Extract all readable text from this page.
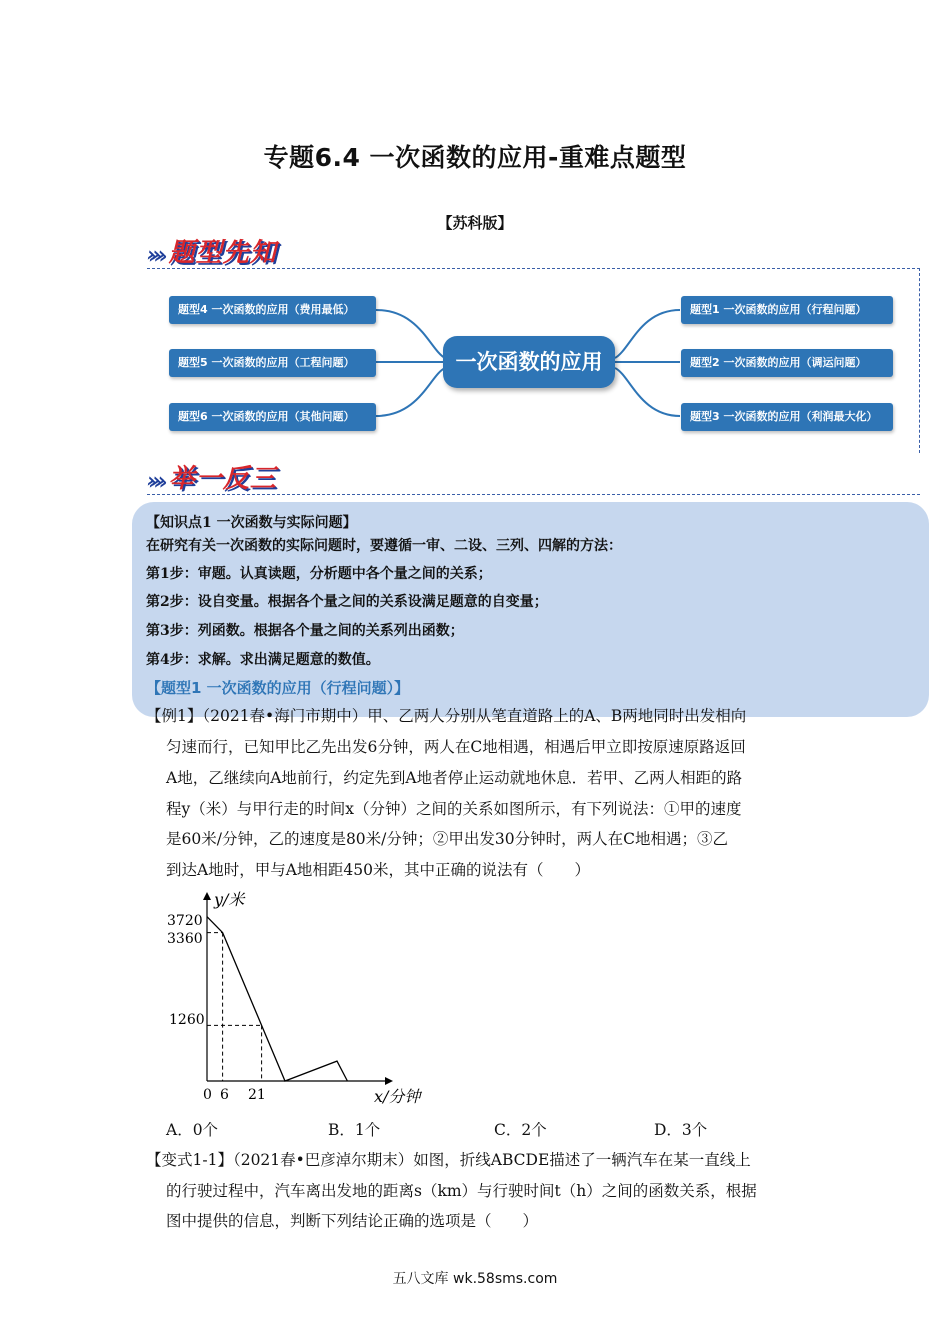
专题6.4 一次函数的应用-重难点题型
【苏科版】
››› 题型先知
一次函数的应用
题型4 一次函数的应用（费用最低）
题型5 一次函数的应用（工程问题）
题型6 一次函数的应用（其他问题）
题型1 一次函数的应用（行程问题）
题型2 一次函数的应用（调运问题）
题型3 一次函数的应用（利润最大化）
››› 举一反三
【知识点1 一次函数与实际问题】
在研究有关一次函数的实际问题时，要遵循一审、二设、三列、四解的方法：
第1步：审题。认真读题，分析题中各个量之间的关系；
第2步：设自变量。根据各个量之间的关系设满足题意的自变量；
第3步：列函数。根据各个量之间的关系列出函数；
第4步：求解。求出满足题意的数值。
【题型1 一次函数的应用（行程问题）】
【例1】（2021春•海门市期中）甲、乙两人分别从笔直道路上的A、B两地同时出发相向
匀速而行，已知甲比乙先出发6分钟，两人在C地相遇，相遇后甲立即按原速原路返回
A地，乙继续向A地前行，约定先到A地者停止运动就地休息．若甲、乙两人相距的路
程y（米）与甲行走的时间x（分钟）之间的关系如图所示，有下列说法：①甲的速度
是60米/分钟，乙的速度是80米/分钟；②甲出发30分钟时，两人在C地相遇；③乙
到达A地时，甲与A地相距450米，其中正确的说法有（　　）
y/米
x/分钟
3720
3360
1260
0 6 21
A．0个	B．1个	C．2个	D．3个
【变式1-1】（2021春•巴彦淖尔期末）如图，折线ABCDE描述了一辆汽车在某一直线上
的行驶过程中，汽车离出发地的距离s（km）与行驶时间t（h）之间的函数关系，根据
图中提供的信息，判断下列结论正确的选项是（　　）
五八文库 wk.58sms.com
